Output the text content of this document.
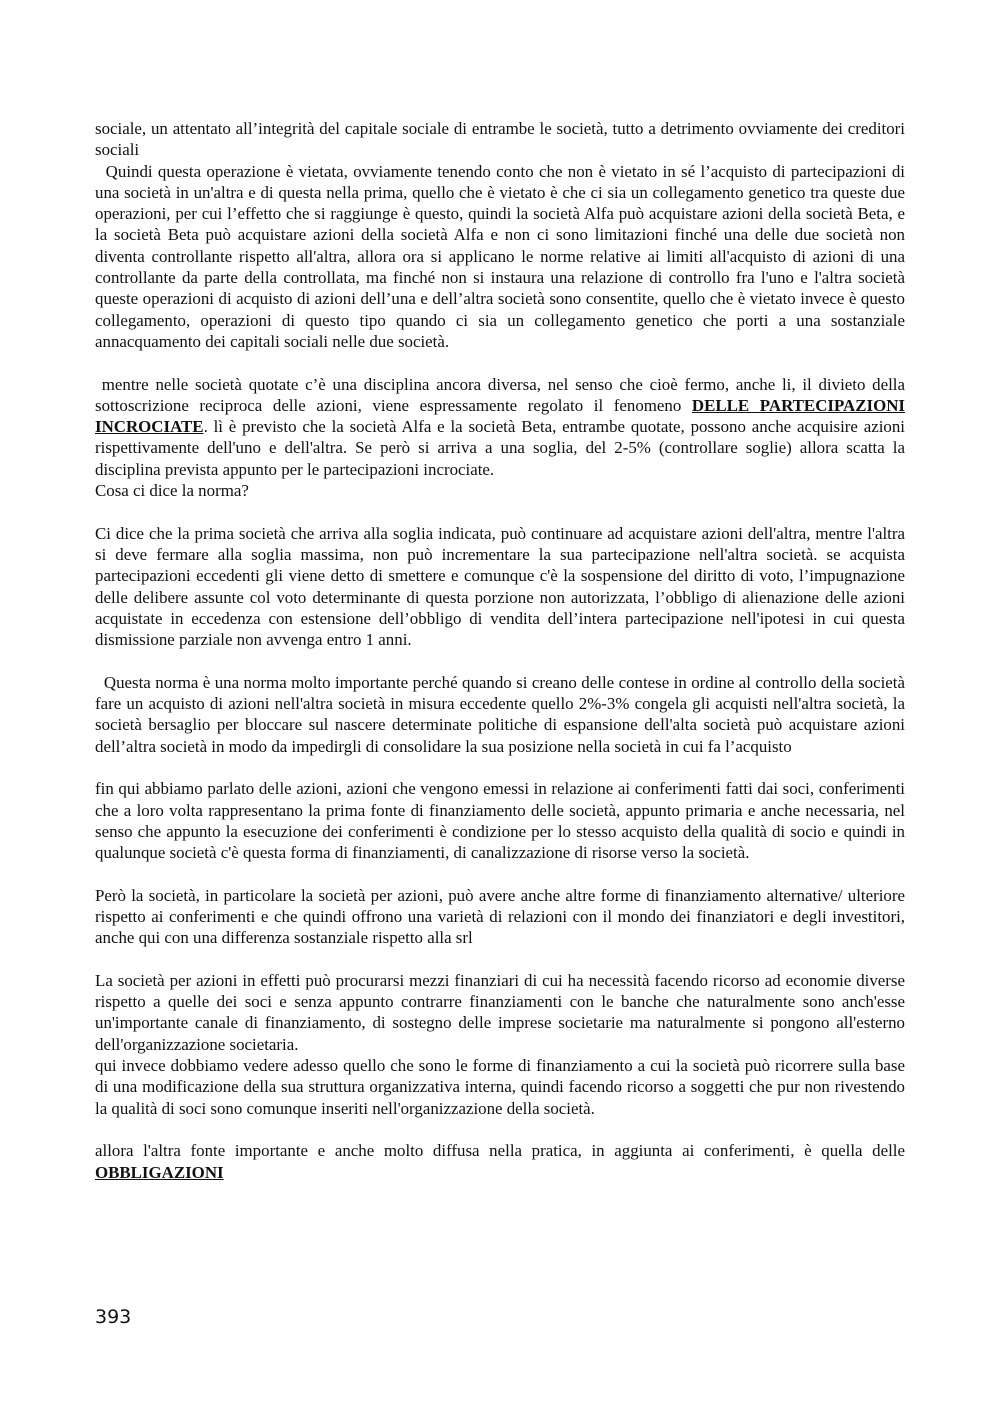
sociale, un attentato all’integrità del capitale sociale di entrambe le società, tutto a detrimento ovviamente dei creditori sociali

Quindi questa operazione è vietata, ovviamente tenendo conto che non è vietato in sé l’acquisto di partecipazioni di una società in un'altra e di questa nella prima, quello che è vietato è che ci sia un collegamento genetico tra queste due operazioni, per cui l’effetto che si raggiunge è questo, quindi la società Alfa può acquistare azioni della società Beta, e la società Beta può acquistare azioni della società Alfa e non ci sono limitazioni finché una delle due società non diventa controllante rispetto all'altra, allora ora si applicano le norme relative ai limiti all'acquisto di azioni di una controllante da parte della controllata, ma finché non si instaura una relazione di controllo fra l'uno e l'altra società queste operazioni di acquisto di azioni dell’una e dell’altra società sono consentite, quello che è vietato invece è questo collegamento, operazioni di questo tipo quando ci sia un collegamento genetico che porti a una sostanziale annacquamento dei capitali sociali nelle due società.

mentre nelle società quotate c’è una disciplina ancora diversa, nel senso che cioè fermo, anche li, il divieto della sottoscrizione reciproca delle azioni, viene espressamente regolato il fenomeno DELLE PARTECIPAZIONI INCROCIATE. lì è previsto che la società Alfa e la società Beta, entrambe quotate, possono anche acquisire azioni rispettivamente dell'uno e dell'altra. Se però si arriva a una soglia, del 2-5% (controllare soglie) allora scatta la disciplina prevista appunto per le partecipazioni incrociate.

Cosa ci dice la norma?

Ci dice che la prima società che arriva alla soglia indicata, può continuare ad acquistare azioni dell'altra, mentre l'altra si deve fermare alla soglia massima, non può incrementare la sua partecipazione nell'altra società. se acquista partecipazioni eccedenti gli viene detto di smettere e comunque c'è la sospensione del diritto di voto, l’impugnazione delle delibere assunte col voto determinante di questa porzione non autorizzata, l’obbligo di alienazione delle azioni acquistate in eccedenza con estensione dell’obbligo di vendita dell’intera partecipazione nell'ipotesi in cui questa dismissione parziale non avvenga entro 1 anni.

Questa norma è una norma molto importante perché quando si creano delle contese in ordine al controllo della società fare un acquisto di azioni nell'altra società in misura eccedente quello 2%-3% congela gli acquisti nell'altra società, la società bersaglio per bloccare sul nascere determinate politiche di espansione dell'alta società può acquistare azioni dell’altra società in modo da impedirgli di consolidare la sua posizione nella società in cui fa l’acquisto

fin qui abbiamo parlato delle azioni, azioni che vengono emessi in relazione ai conferimenti fatti dai soci, conferimenti che a loro volta rappresentano la prima fonte di finanziamento delle società, appunto primaria e anche necessaria, nel senso che appunto la esecuzione dei conferimenti è condizione per lo stesso acquisto della qualità di socio e quindi in qualunque società c'è questa forma di finanziamenti, di canalizzazione di risorse verso la società.

Però la società, in particolare la società per azioni, può avere anche altre forme di finanziamento alternative/ ulteriore rispetto ai conferimenti e che quindi offrono una varietà di relazioni con il mondo dei finanziatori e degli investitori, anche qui con una differenza sostanziale rispetto alla srl

La società per azioni in effetti può procurarsi mezzi finanziari di cui ha necessità facendo ricorso ad economie diverse rispetto a quelle dei soci e senza appunto contrarre finanziamenti con le banche che naturalmente sono anch'esse un'importante canale di finanziamento, di sostegno delle imprese societarie ma naturalmente si pongono all'esterno dell'organizzazione societaria.

qui invece dobbiamo vedere adesso quello che sono le forme di finanziamento a cui la società può ricorrere sulla base di una modificazione della sua struttura organizzativa interna, quindi facendo ricorso a soggetti che pur non rivestendo la qualità di soci sono comunque inseriti nell'organizzazione della società.

allora l'altra fonte importante e anche molto diffusa nella pratica, in aggiunta ai conferimenti, è quella delle OBBLIGAZIONI

393
